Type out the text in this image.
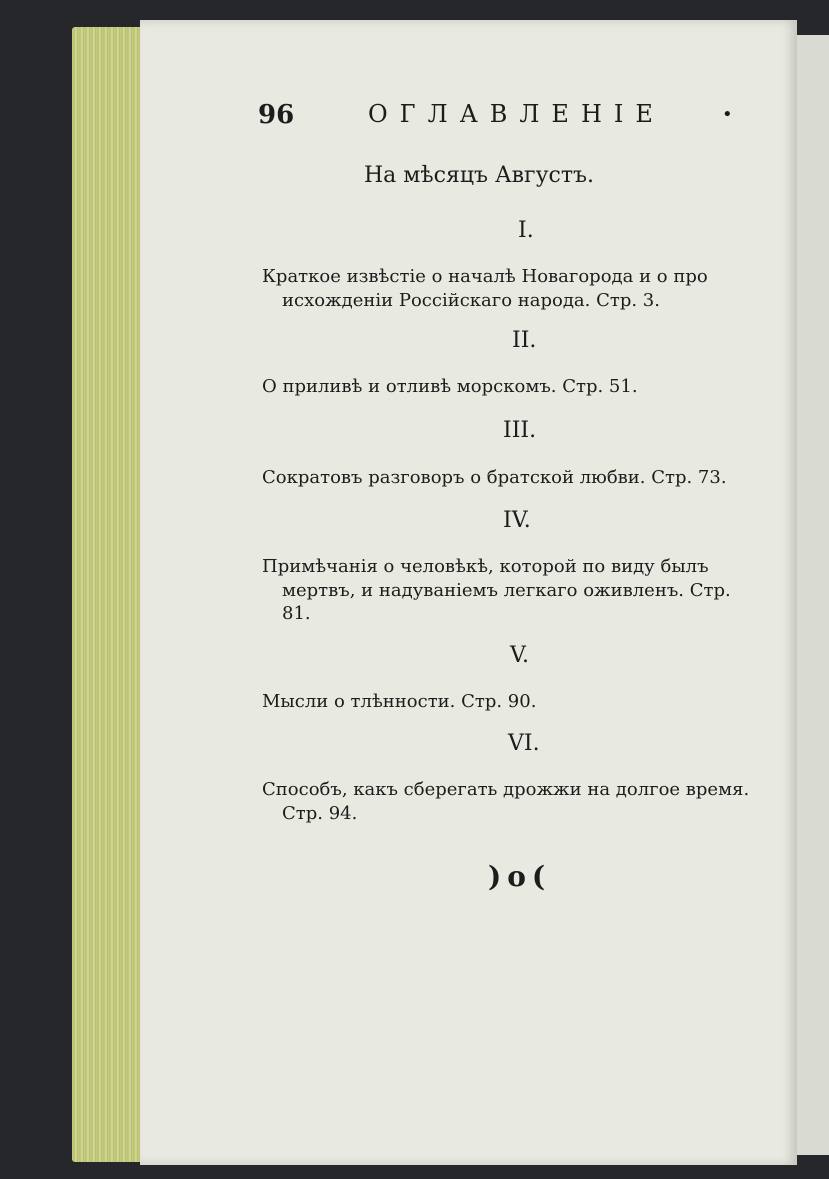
96	ОГЛАВЛЕНIЕ	•
На мѣсяцъ Августъ.
I.
Краткое извѣстiе о началѣ Новагорода и о про
исхожденiи Россiйскаго народа. Стр. 3.
II.
О приливѣ и отливѣ морскомъ. Стр. 51.
III.
Сократовъ разговоръ о братской любви. Стр. 73.
IV.
Примѣчанiя о человѣкѣ, которой по виду былъ
мертвъ, и надуванiемъ легкаго оживленъ. Стр.
81.
V.
Мысли о тлѣнности. Стр. 90.
VI.
Способъ, какъ сберегать дрожжи на долгое время.
Стр. 94.
)o(
